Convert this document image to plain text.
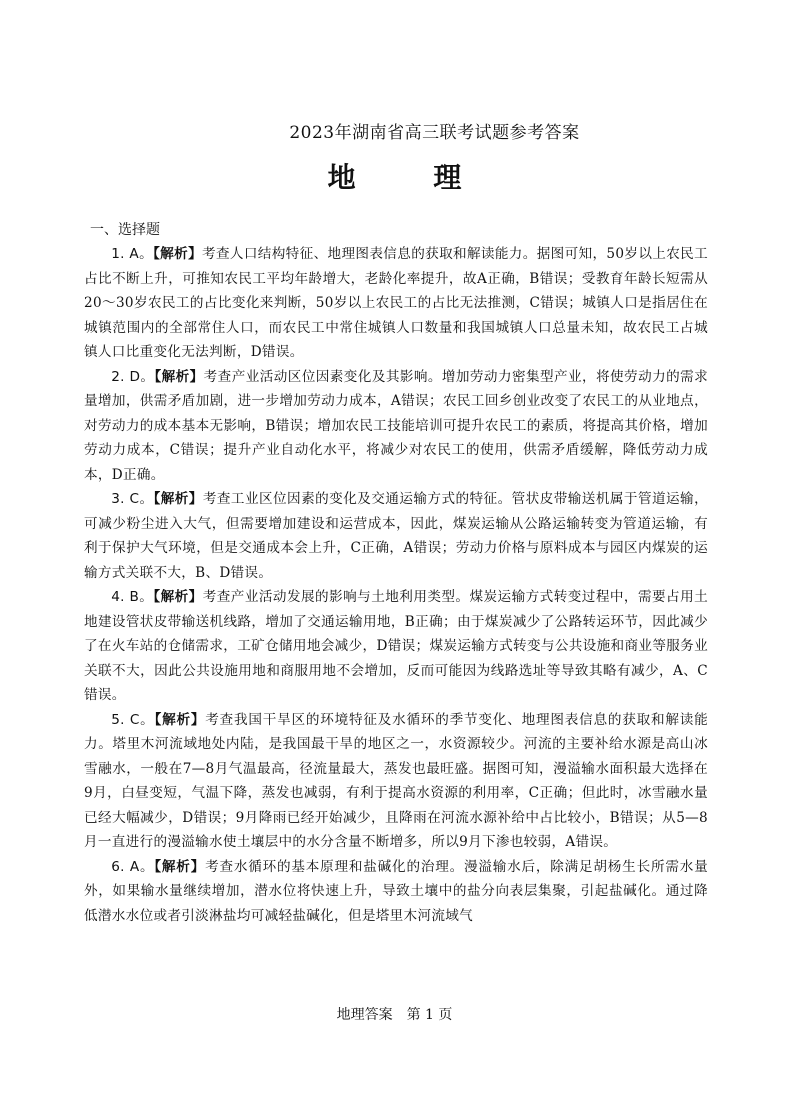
2023年湖南省高三联考试题参考答案
地 理
一、选择题

1. A。【解析】考查人口结构特征、地理图表信息的获取和解读能力。据图可知，50岁以上农民工占比不断上升，可推知农民工平均年龄增大，老龄化率提升，故A正确，B错误；受教育年龄长短需从20～30岁农民工的占比变化来判断，50岁以上农民工的占比无法推测，C错误；城镇人口是指居住在城镇范围内的全部常住人口，而农民工中常住城镇人口数量和我国城镇人口总量未知，故农民工占城镇人口比重变化无法判断，D错误。

2. D。【解析】考查产业活动区位因素变化及其影响。增加劳动力密集型产业，将使劳动力的需求量增加，供需矛盾加剧，进一步增加劳动力成本，A错误；农民工回乡创业改变了农民工的从业地点，对劳动力的成本基本无影响，B错误；增加农民工技能培训可提升农民工的素质，将提高其价格，增加劳动力成本，C错误；提升产业自动化水平，将减少对农民工的使用，供需矛盾缓解，降低劳动力成本，D正确。

3. C。【解析】考查工业区位因素的变化及交通运输方式的特征。管状皮带输送机属于管道运输，可减少粉尘进入大气，但需要增加建设和运营成本，因此，煤炭运输从公路运输转变为管道运输，有利于保护大气环境，但是交通成本会上升，C正确，A错误；劳动力价格与原料成本与园区内煤炭的运输方式关联不大，B、D错误。

4. B。【解析】考查产业活动发展的影响与土地利用类型。煤炭运输方式转变过程中，需要占用土地建设管状皮带输送机线路，增加了交通运输用地，B正确；由于煤炭减少了公路转运环节，因此减少了在火车站的仓储需求，工矿仓储用地会减少，D错误；煤炭运输方式转变与公共设施和商业等服务业关联不大，因此公共设施用地和商服用地不会增加，反而可能因为线路选址等导致其略有减少，A、C错误。

5. C。【解析】考查我国干旱区的环境特征及水循环的季节变化、地理图表信息的获取和解读能力。塔里木河流域地处内陆，是我国最干旱的地区之一，水资源较少。河流的主要补给水源是高山冰雪融水，一般在7—8月气温最高，径流量最大，蒸发也最旺盛。据图可知，漫溢输水面积最大选择在9月，白昼变短，气温下降，蒸发也减弱，有利于提高水资源的利用率，C正确；但此时，冰雪融水量已经大幅减少，D错误；9月降雨已经开始减少，且降雨在河流水源补给中占比较小，B错误；从5—8月一直进行的漫溢输水使土壤层中的水分含量不断增多，所以9月下渗也较弱，A错误。

6. A。【解析】考查水循环的基本原理和盐碱化的治理。漫溢输水后，除满足胡杨生长所需水量外，如果输水量继续增加，潜水位将快速上升，导致土壤中的盐分向表层集聚，引起盐碱化。通过降低潜水水位或者引淡淋盐均可减轻盐碱化，但是塔里木河流域气

地理答案　第 1 页
